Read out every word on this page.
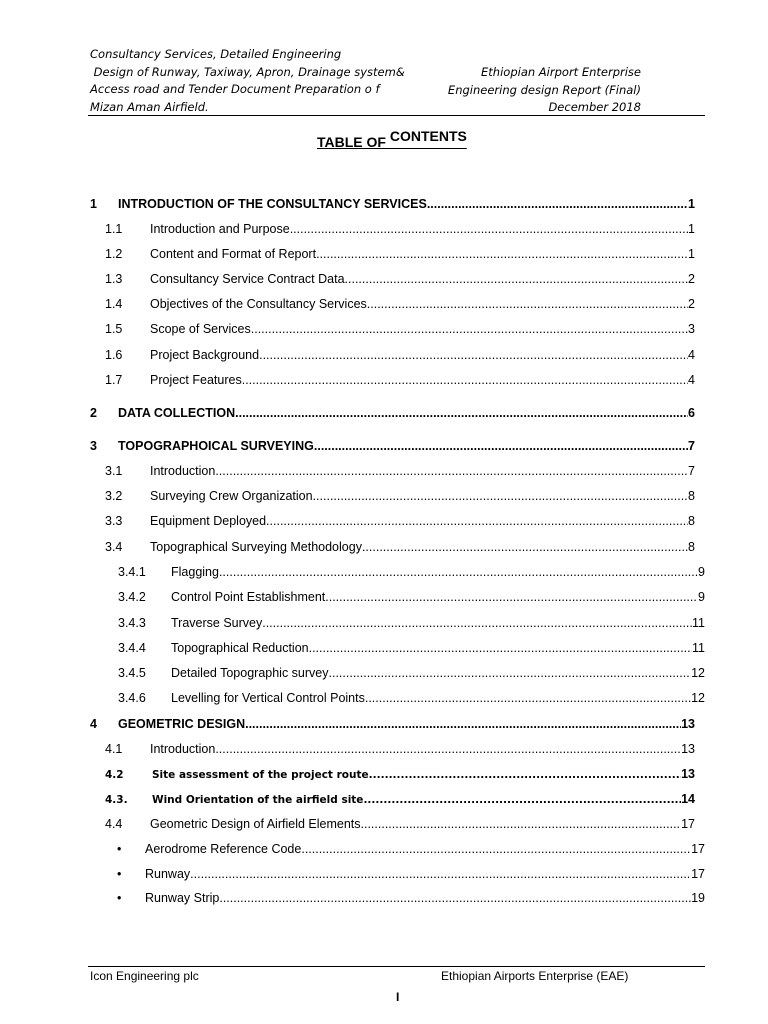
Consultancy Services, Detailed Engineering
Design of Runway, Taxiway, Apron, Drainage system&
Access road and Tender Document Preparation o f
Mizan Aman Airfield.
Ethiopian Airport Enterprise
Engineering design Report (Final)
December 2018
TABLE OF CONTENTS
1	INTRODUCTION OF THE CONSULTANCY SERVICES .....	1
1.1	Introduction and Purpose .....	1
1.2	Content and Format of Report .....	1
1.3	Consultancy Service Contract Data .....	2
1.4	Objectives of the Consultancy Services .....	2
1.5	Scope of Services .....	3
1.6	Project Background .....	4
1.7	Project Features .....	4
2	DATA COLLECTION .....	6
3	TOPOGRAPHOICAL SURVEYING .....	7
3.1	Introduction .....	7
3.2	Surveying Crew Organization .....	8
3.3	Equipment Deployed .....	8
3.4	Topographical Surveying Methodology .....	8
3.4.1	Flagging .....	9
3.4.2	Control Point Establishment .....	9
3.4.3	Traverse Survey .....	11
3.4.4	Topographical Reduction .....	11
3.4.5	Detailed Topographic survey .....	12
3.4.6	Levelling for Vertical Control Points .....	12
4	GEOMETRIC DESIGN .....	13
4.1	Introduction .....	13
4.2	Site assessment of the project route .....	13
4.3.	Wind Orientation of the airfield site .....	14
4.4	Geometric Design of Airfield Elements .....	17
•	Aerodrome Reference Code .....	17
•	Runway .....	17
•	Runway Strip .....	19
Icon Engineering plc	Ethiopian Airports Enterprise (EAE)
I
